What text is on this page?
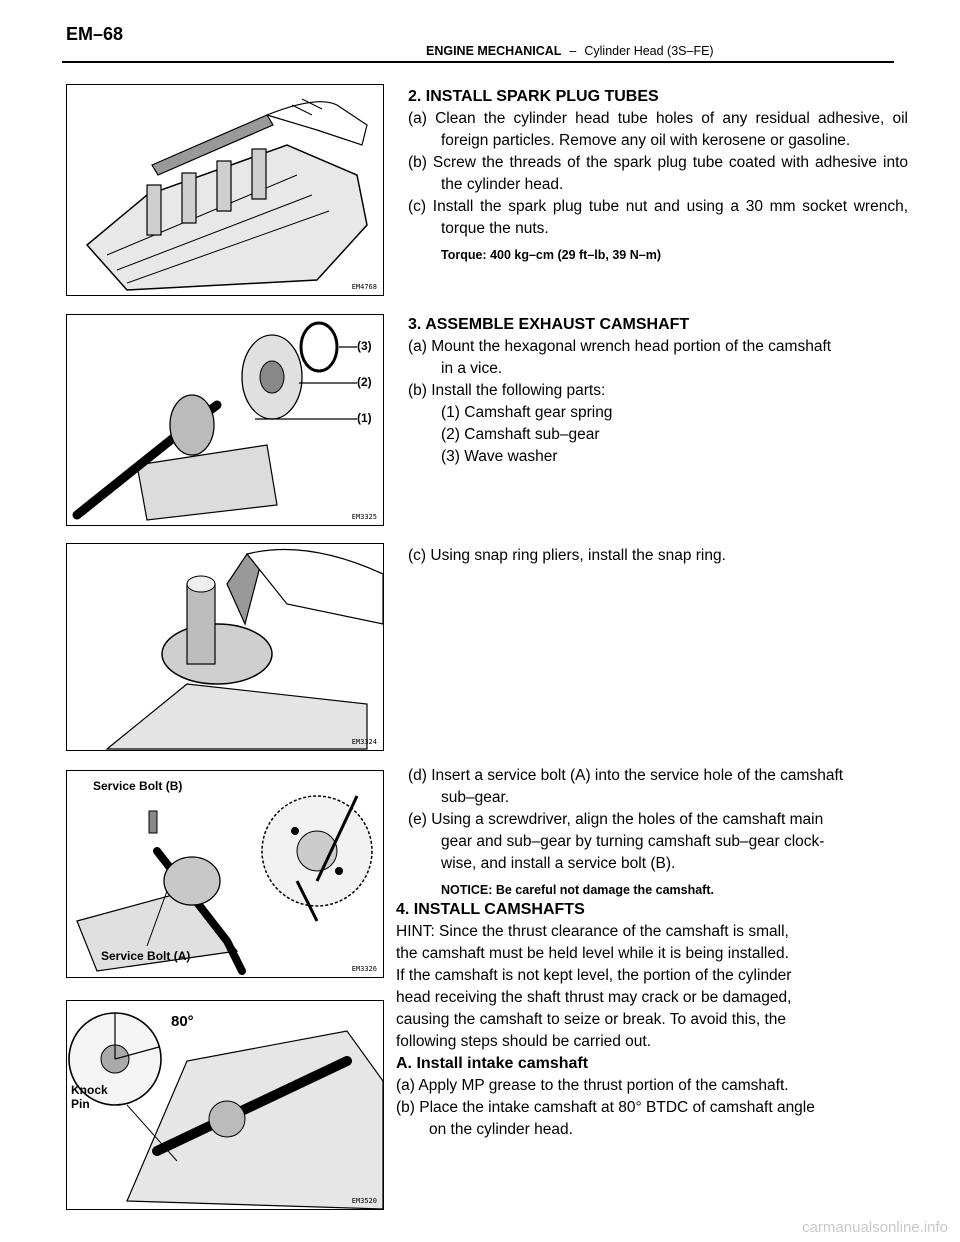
EM–68
ENGINE MECHANICAL – Cylinder Head (3S–FE)
EM4768
(3)
(2)
(1)
EM3325
EM3324
Service Bolt (B)
Service Bolt (A)
EM3326
80°
Knock Pin
EM3520

2. INSTALL SPARK PLUG TUBES

(a) Clean the cylinder head tube holes of any residual adhesive, oil foreign particles. Remove any oil with kerosene or gasoline.

(b) Screw the threads of the spark plug tube coated with adhesive into the cylinder head.

(c) Install the spark plug tube nut and using a 30 mm socket wrench, torque the nuts.

Torque: 400 kg–cm (29 ft–lb, 39 N–m)

3. ASSEMBLE EXHAUST CAMSHAFT

(a) Mount the hexagonal wrench head portion of the camshaft

in a vice.

(b) Install the following parts:

(1) Camshaft gear spring

(2) Camshaft sub–gear

(3) Wave washer

(c) Using snap ring pliers, install the snap ring.

(d) Insert a service bolt (A) into the service hole of the camshaft

sub–gear.

(e) Using a screwdriver, align the holes of the camshaft main

gear and sub–gear by turning camshaft sub–gear clock-

wise, and install a service bolt (B).

NOTICE: Be careful not damage the camshaft.

4. INSTALL CAMSHAFTS

HINT: Since the thrust clearance of the camshaft is small,

the camshaft must be held level while it is being installed.

If the camshaft is not kept level, the portion of the cylinder

head receiving the shaft thrust may crack or be damaged,

causing the camshaft to seize or break. To avoid this, the

following steps should be carried out.

A. Install intake camshaft

(a) Apply MP grease to the thrust portion of the camshaft.

(b) Place the intake camshaft at 80° BTDC of camshaft angle

on the cylinder head.

carmanualsonline.info
